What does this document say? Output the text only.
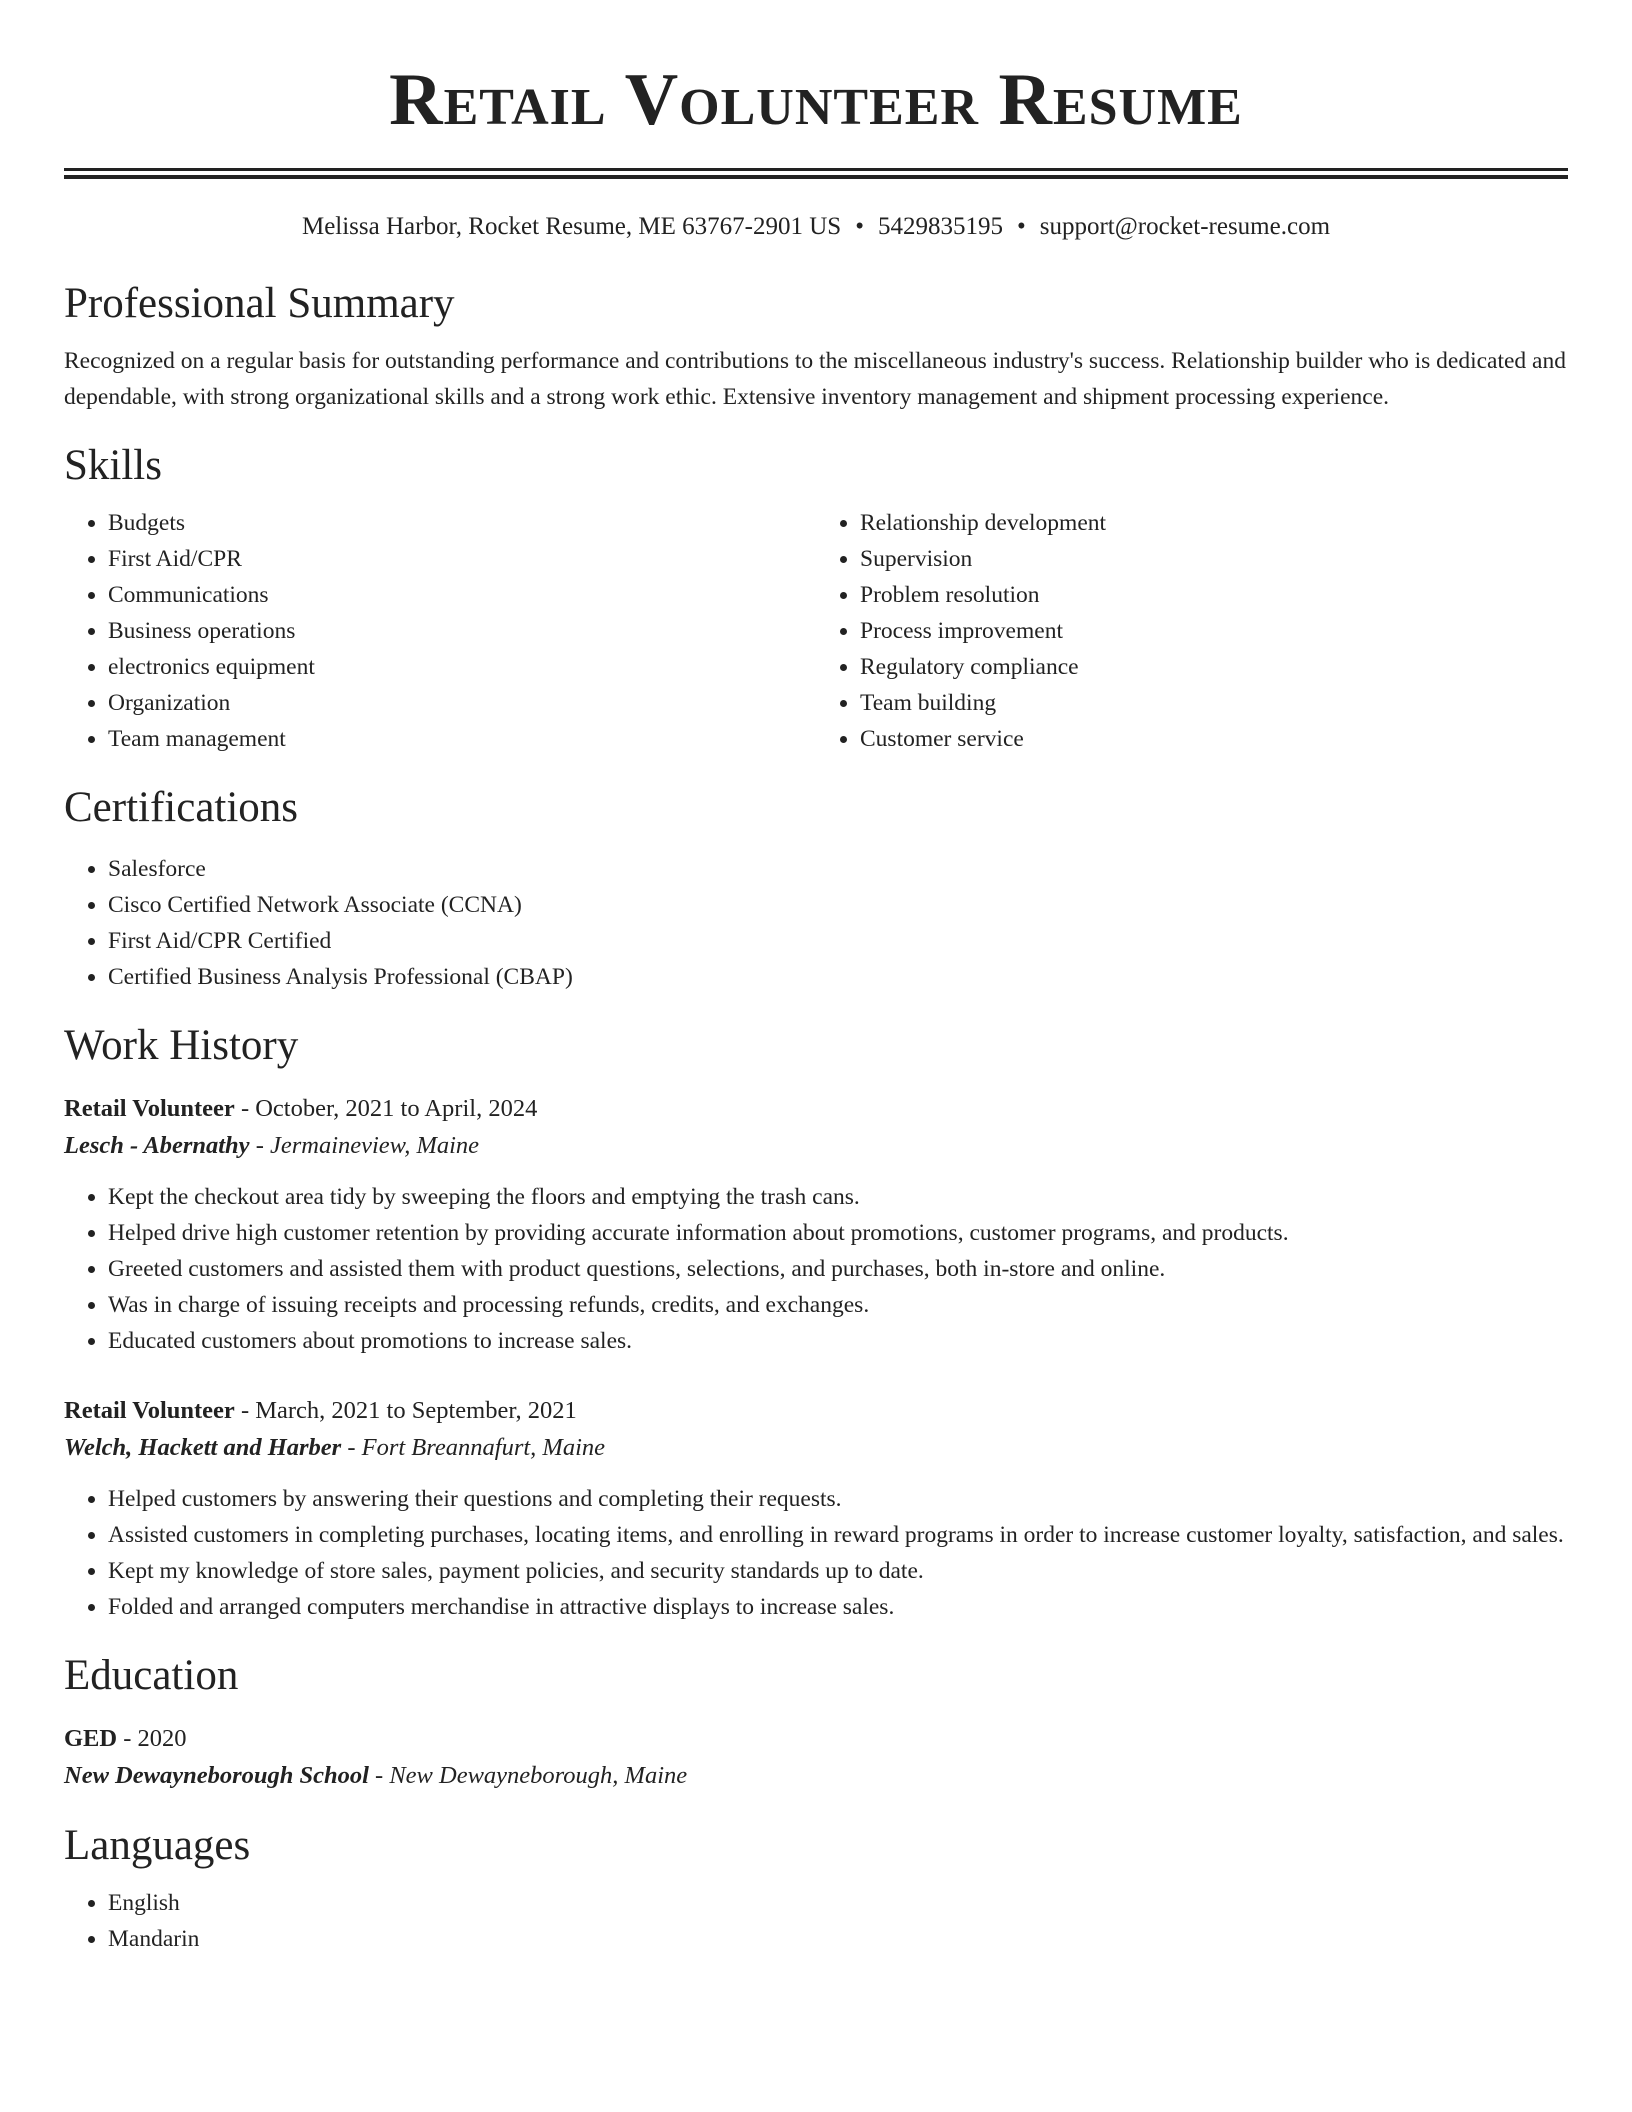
Retail Volunteer Resume
Melissa Harbor, Rocket Resume, ME 63767-2901 US • 5429835195 • support@rocket-resume.com
Professional Summary

Recognized on a regular basis for outstanding performance and contributions to the miscellaneous industry's success. Relationship builder who is dedicated and dependable, with strong organizational skills and a strong work ethic. Extensive inventory management and shipment processing experience.

Skills
• Budgets
• First Aid/CPR
• Communications
• Business operations
• electronics equipment
• Organization
• Team management
• Relationship development
• Supervision
• Problem resolution
• Process improvement
• Regulatory compliance
• Team building
• Customer service
Certifications
• Salesforce
• Cisco Certified Network Associate (CCNA)
• First Aid/CPR Certified
• Certified Business Analysis Professional (CBAP)
Work History
Retail Volunteer - October, 2021 to April, 2024
Lesch - Abernathy - Jermaineview, Maine
• Kept the checkout area tidy by sweeping the floors and emptying the trash cans.
• Helped drive high customer retention by providing accurate information about promotions, customer programs, and products.
• Greeted customers and assisted them with product questions, selections, and purchases, both in-store and online.
• Was in charge of issuing receipts and processing refunds, credits, and exchanges.
• Educated customers about promotions to increase sales.
Retail Volunteer - March, 2021 to September, 2021
Welch, Hackett and Harber - Fort Breannafurt, Maine
• Helped customers by answering their questions and completing their requests.
• Assisted customers in completing purchases, locating items, and enrolling in reward programs in order to increase customer loyalty, satisfaction, and sales.
• Kept my knowledge of store sales, payment policies, and security standards up to date.
• Folded and arranged computers merchandise in attractive displays to increase sales.
Education
GED - 2020
New Dewayneborough School - New Dewayneborough, Maine
Languages
• English
• Mandarin
